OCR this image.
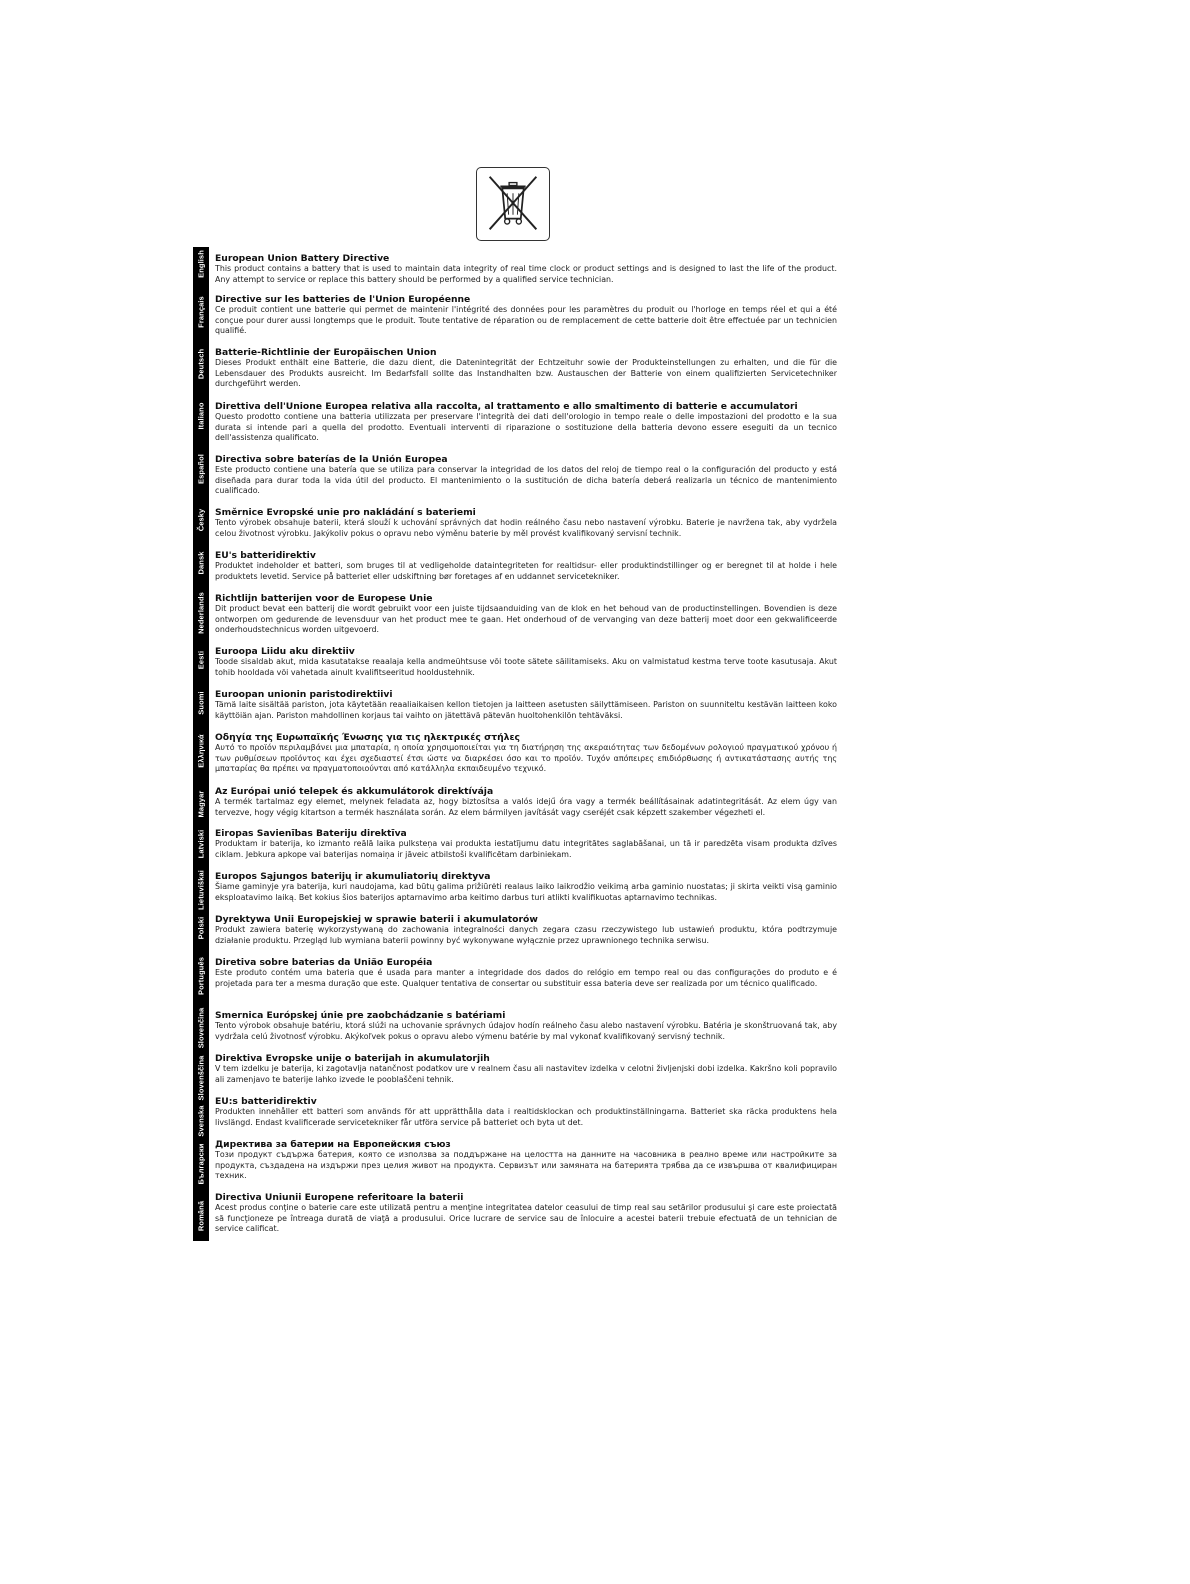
English
Français
Deutsch
Italiano
Español
Česky
Dansk
Nederlands
Eesti
Suomi
Ελληνικά
Magyar
Latviski
Lietuviškai
Polski
Português
Slovenčina
Slovenščina
Svenska
Български
Română
European Union Battery Directive

This product contains a battery that is used to maintain data integrity of real time clock or product settings and is designed to last the life of the product. Any attempt to service or replace this battery should be performed by a qualified service technician.

Directive sur les batteries de l'Union Européenne

Ce produit contient une batterie qui permet de maintenir l'intégrité des données pour les paramètres du produit ou l'horloge en temps réel et qui a été conçue pour durer aussi longtemps que le produit. Toute tentative de réparation ou de remplacement de cette batterie doit être effectuée par un technicien qualifié.

Batterie-Richtlinie der Europäischen Union

Dieses Produkt enthält eine Batterie, die dazu dient, die Datenintegrität der Echtzeituhr sowie der Produkteinstellungen zu erhalten, und die für die Lebensdauer des Produkts ausreicht. Im Bedarfsfall sollte das Instandhalten bzw. Austauschen der Batterie von einem qualifizierten Servicetechniker durchgeführt werden.

Direttiva dell'Unione Europea relativa alla raccolta, al trattamento e allo smaltimento di batterie e accumulatori

Questo prodotto contiene una batteria utilizzata per preservare l'integrità dei dati dell'orologio in tempo reale o delle impostazioni del prodotto e la sua durata si intende pari a quella del prodotto. Eventuali interventi di riparazione o sostituzione della batteria devono essere eseguiti da un tecnico dell'assistenza qualificato.

Directiva sobre baterías de la Unión Europea

Este producto contiene una batería que se utiliza para conservar la integridad de los datos del reloj de tiempo real o la configuración del producto y está diseñada para durar toda la vida útil del producto. El mantenimiento o la sustitución de dicha batería deberá realizarla un técnico de mantenimiento cualificado.

Směrnice Evropské unie pro nakládání s bateriemi

Tento výrobek obsahuje baterii, která slouží k uchování správných dat hodin reálného času nebo nastavení výrobku. Baterie je navržena tak, aby vydržela celou životnost výrobku. Jakýkoliv pokus o opravu nebo výměnu baterie by měl provést kvalifikovaný servisní technik.

EU's batteridirektiv

Produktet indeholder et batteri, som bruges til at vedligeholde dataintegriteten for realtidsur- eller produktindstillinger og er beregnet til at holde i hele produktets levetid. Service på batteriet eller udskiftning bør foretages af en uddannet servicetekniker.

Richtlijn batterijen voor de Europese Unie

Dit product bevat een batterij die wordt gebruikt voor een juiste tijdsaanduiding van de klok en het behoud van de productinstellingen. Bovendien is deze ontworpen om gedurende de levensduur van het product mee te gaan. Het onderhoud of de vervanging van deze batterij moet door een gekwalificeerde onderhoudstechnicus worden uitgevoerd.

Euroopa Liidu aku direktiiv

Toode sisaldab akut, mida kasutatakse reaalaja kella andmeühtsuse või toote sätete säilitamiseks. Aku on valmistatud kestma terve toote kasutusaja. Akut tohib hooldada või vahetada ainult kvalifitseeritud hooldustehnik.

Euroopan unionin paristodirektiivi

Tämä laite sisältää pariston, jota käytetään reaaliaikaisen kellon tietojen ja laitteen asetusten säilyttämiseen. Pariston on suunniteltu kestävän laitteen koko käyttöiän ajan. Pariston mahdollinen korjaus tai vaihto on jätettävä pätevän huoltohenkilön tehtäväksi.

Οδηγία της Ευρωπαϊκής Ένωσης για τις ηλεκτρικές στήλες

Αυτό το προϊόν περιλαμβάνει μια μπαταρία, η οποία χρησιμοποιείται για τη διατήρηση της ακεραιότητας των δεδομένων ρολογιού πραγματικού χρόνου ή των ρυθμίσεων προϊόντος και έχει σχεδιαστεί έτσι ώστε να διαρκέσει όσο και το προϊόν. Τυχόν απόπειρες επιδιόρθωσης ή αντικατάστασης αυτής της μπαταρίας θα πρέπει να πραγματοποιούνται από κατάλληλα εκπαιδευμένο τεχνικό.

Az Európai unió telepek és akkumulátorok direktívája

A termék tartalmaz egy elemet, melynek feladata az, hogy biztosítsa a valós idejű óra vagy a termék beállításainak adatintegritását. Az elem úgy van tervezve, hogy végig kitartson a termék használata során. Az elem bármilyen javítását vagy cseréjét csak képzett szakember végezheti el.

Eiropas Savienības Bateriju direktīva

Produktam ir baterija, ko izmanto reālā laika pulksteņa vai produkta iestatījumu datu integritātes saglabāšanai, un tā ir paredzēta visam produkta dzīves ciklam. Jebkura apkope vai baterijas nomaiņa ir jāveic atbilstoši kvalificētam darbiniekam.

Europos Sąjungos baterijų ir akumuliatorių direktyva

Šiame gaminyje yra baterija, kuri naudojama, kad būtų galima prižiūrėti realaus laiko laikrodžio veikimą arba gaminio nuostatas; ji skirta veikti visą gaminio eksploatavimo laiką. Bet kokius šios baterijos aptarnavimo arba keitimo darbus turi atlikti kvalifikuotas aptarnavimo technikas.

Dyrektywa Unii Europejskiej w sprawie baterii i akumulatorów

Produkt zawiera baterię wykorzystywaną do zachowania integralności danych zegara czasu rzeczywistego lub ustawień produktu, która podtrzymuje działanie produktu. Przegląd lub wymiana baterii powinny być wykonywane wyłącznie przez uprawnionego technika serwisu.

Diretiva sobre baterias da União Européia

Este produto contém uma bateria que é usada para manter a integridade dos dados do relógio em tempo real ou das configurações do produto e é projetada para ter a mesma duração que este. Qualquer tentativa de consertar ou substituir essa bateria deve ser realizada por um técnico qualificado.

Smernica Európskej únie pre zaobchádzanie s batériami

Tento výrobok obsahuje batériu, ktorá slúži na uchovanie správnych údajov hodín reálneho času alebo nastavení výrobku. Batéria je skonštruovaná tak, aby vydržala celú životnosť výrobku. Akýkoľvek pokus o opravu alebo výmenu batérie by mal vykonať kvalifikovaný servisný technik.

Direktiva Evropske unije o baterijah in akumulatorjih

V tem izdelku je baterija, ki zagotavlja natančnost podatkov ure v realnem času ali nastavitev izdelka v celotni življenjski dobi izdelka. Kakršno koli popravilo ali zamenjavo te baterije lahko izvede le pooblaščeni tehnik.

EU:s batteridirektiv

Produkten innehåller ett batteri som används för att upprätthålla data i realtidsklockan och produktinställningarna. Batteriet ska räcka produktens hela livslängd. Endast kvalificerade servicetekniker får utföra service på batteriet och byta ut det.

Директива за батерии на Европейския съюз

Този продукт съдържа батерия, която се използва за поддържане на целостта на данните на часовника в реално време или настройките за продукта, създадена на издържи през целия живот на продукта. Сервизът или замяната на батерията трябва да се извършва от квалифициран техник.

Directiva Uniunii Europene referitoare la baterii

Acest produs conţine o baterie care este utilizată pentru a menţine integritatea datelor ceasului de timp real sau setărilor produsului şi care este proiectată să funcţioneze pe întreaga durată de viaţă a produsului. Orice lucrare de service sau de înlocuire a acestei baterii trebuie efectuată de un tehnician de service calificat.
